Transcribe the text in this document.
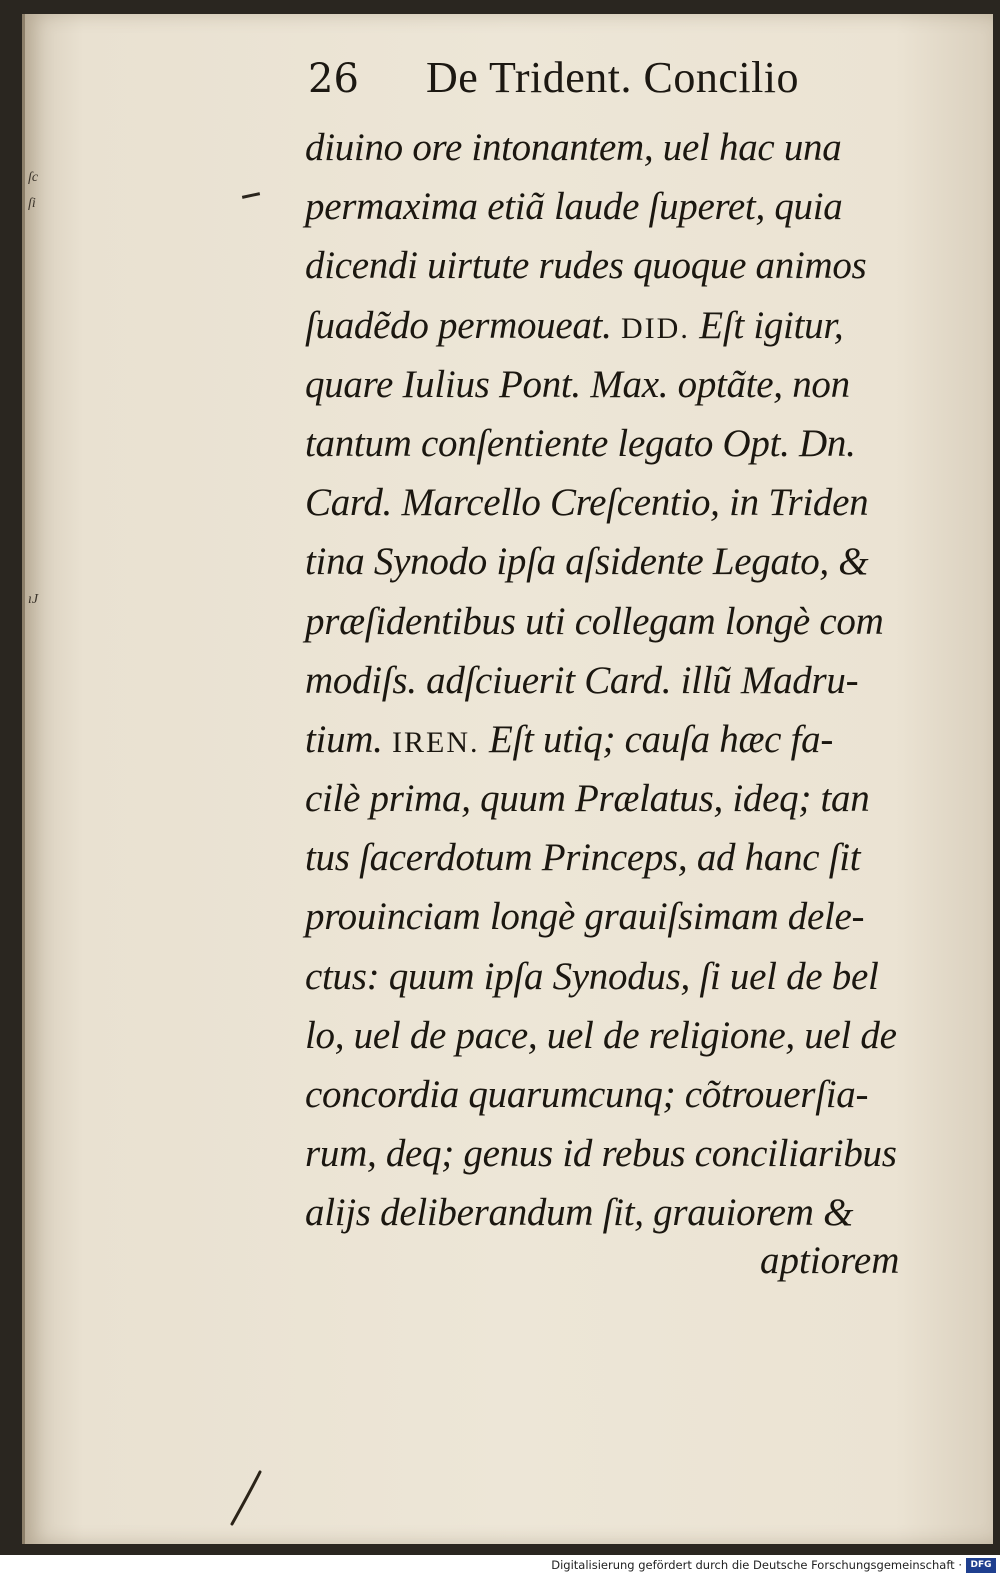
ſc
ſi
ıJ
26 De Trident. Concilio
diuino ore intonantem, uel hac una
permaxima etiã laude ſuperet, quia
dicendi uirtute rudes quoque animos
ſuadẽdo permoueat. DID. Eſt igitur,
quare Iulius Pont. Max. optãte, non
tantum conſentiente legato Opt. Dn.
Card. Marcello Creſcentio, in Triden
tina Synodo ipſa aſsidente Legato, &
præſidentibus uti collegam longè com
modiſs. adſciuerit Card. illũ Madru-
tium. IREN. Eſt utiq; cauſa hæc fa-
cilè prima, quum Prælatus, ideq; tan
tus ſacerdotum Princeps, ad hanc ſit
prouinciam longè grauiſsimam dele-
ctus: quum ipſa Synodus, ſi uel de bel
lo, uel de pace, uel de religione, uel de
concordia quarumcunq; cõtrouerſia-
rum, deq; genus id rebus conciliaribus
alijs deliberandum ſit, grauiorem &
aptiorem
Digitalisierung gefördert durch die Deutsche Forschungsgemeinschaft · DFG
